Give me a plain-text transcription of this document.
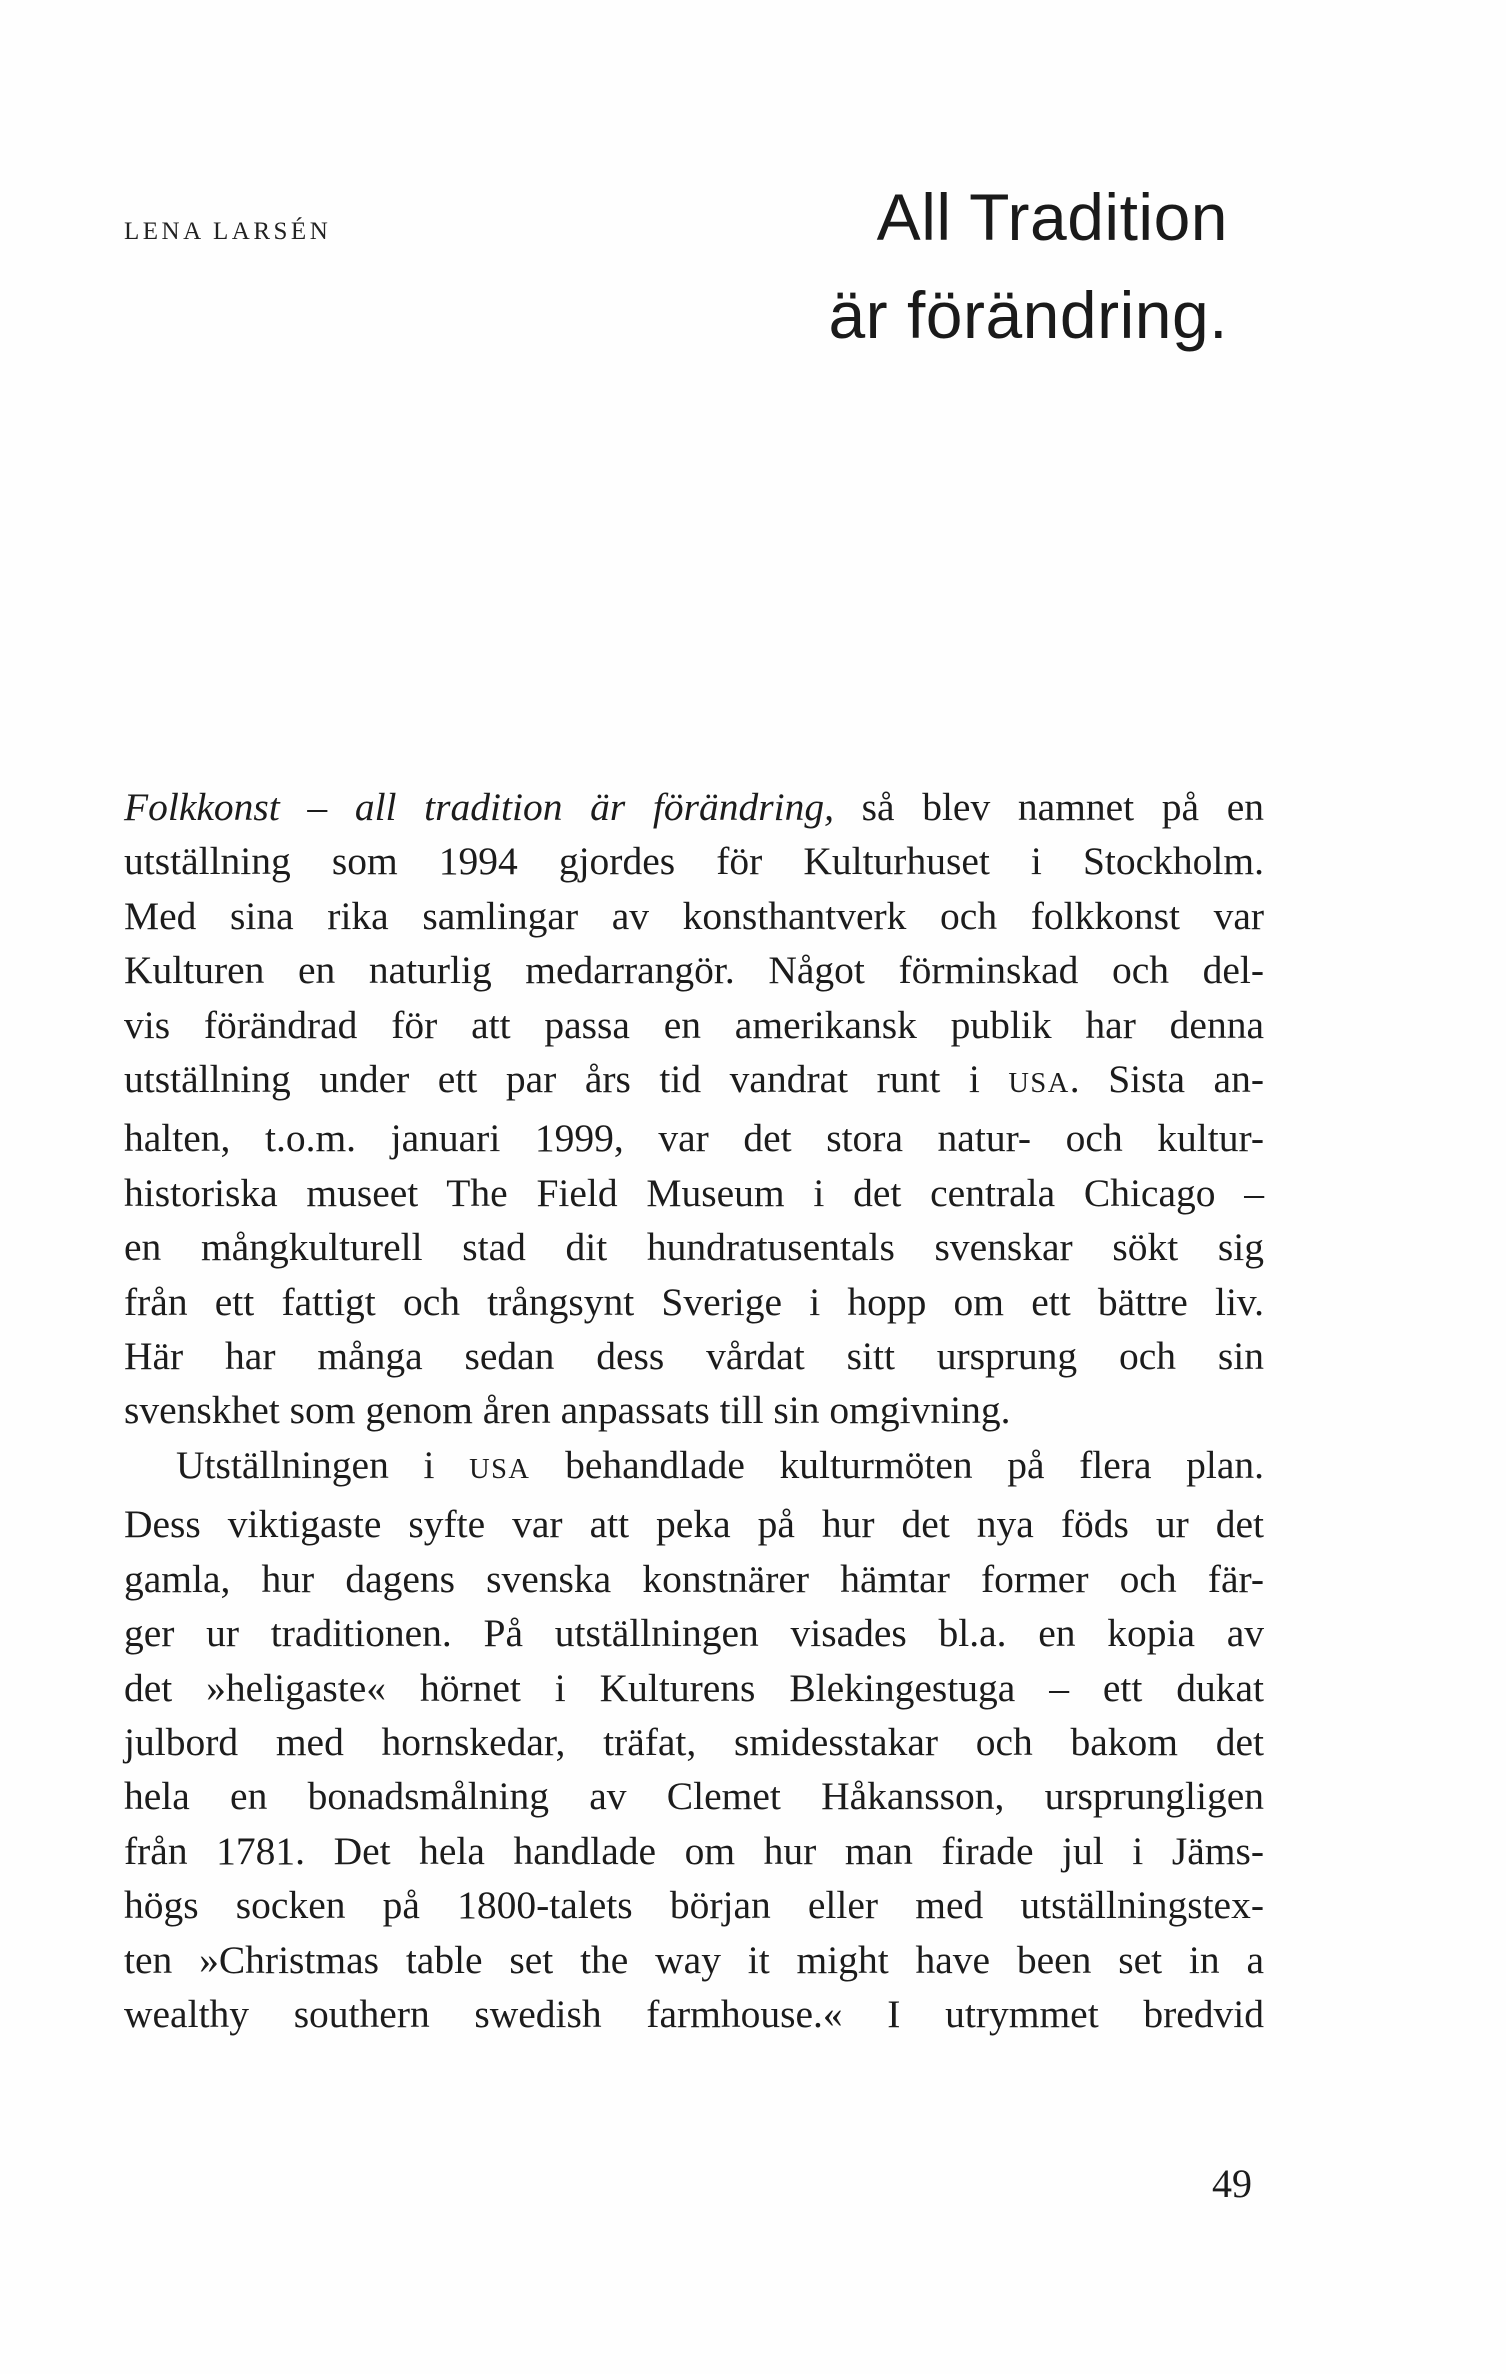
LENA LARSÉN	All Tradition
är förändring.
Folkkonst – all tradition är förändring, så blev namnet på en
utställning som 1994 gjordes för Kulturhuset i Stockholm.
Med sina rika samlingar av konsthantverk och folkkonst var
Kulturen en naturlig medarrangör. Något förminskad och del-
vis förändrad för att passa en amerikansk publik har denna
utställning under ett par års tid vandrat runt i USA. Sista an-
halten, t.o.m. januari 1999, var det stora natur- och kultur-
historiska museet The Field Museum i det centrala Chicago –
en mångkulturell stad dit hundratusentals svenskar sökt sig
från ett fattigt och trångsynt Sverige i hopp om ett bättre liv.
Här har många sedan dess vårdat sitt ursprung och sin
svenskhet som genom åren anpassats till sin omgivning.
Utställningen i USA behandlade kulturmöten på flera plan.
Dess viktigaste syfte var att peka på hur det nya föds ur det
gamla, hur dagens svenska konstnärer hämtar former och fär-
ger ur traditionen. På utställningen visades bl.a. en kopia av
det »heligaste« hörnet i Kulturens Blekingestuga – ett dukat
julbord med hornskedar, träfat, smidesstakar och bakom det
hela en bonadsmålning av Clemet Håkansson, ursprungligen
från 1781. Det hela handlade om hur man firade jul i Jäms-
högs socken på 1800-talets början eller med utställningstex-
ten »Christmas table set the way it might have been set in a
wealthy southern swedish farmhouse.« I utrymmet bredvid
49
